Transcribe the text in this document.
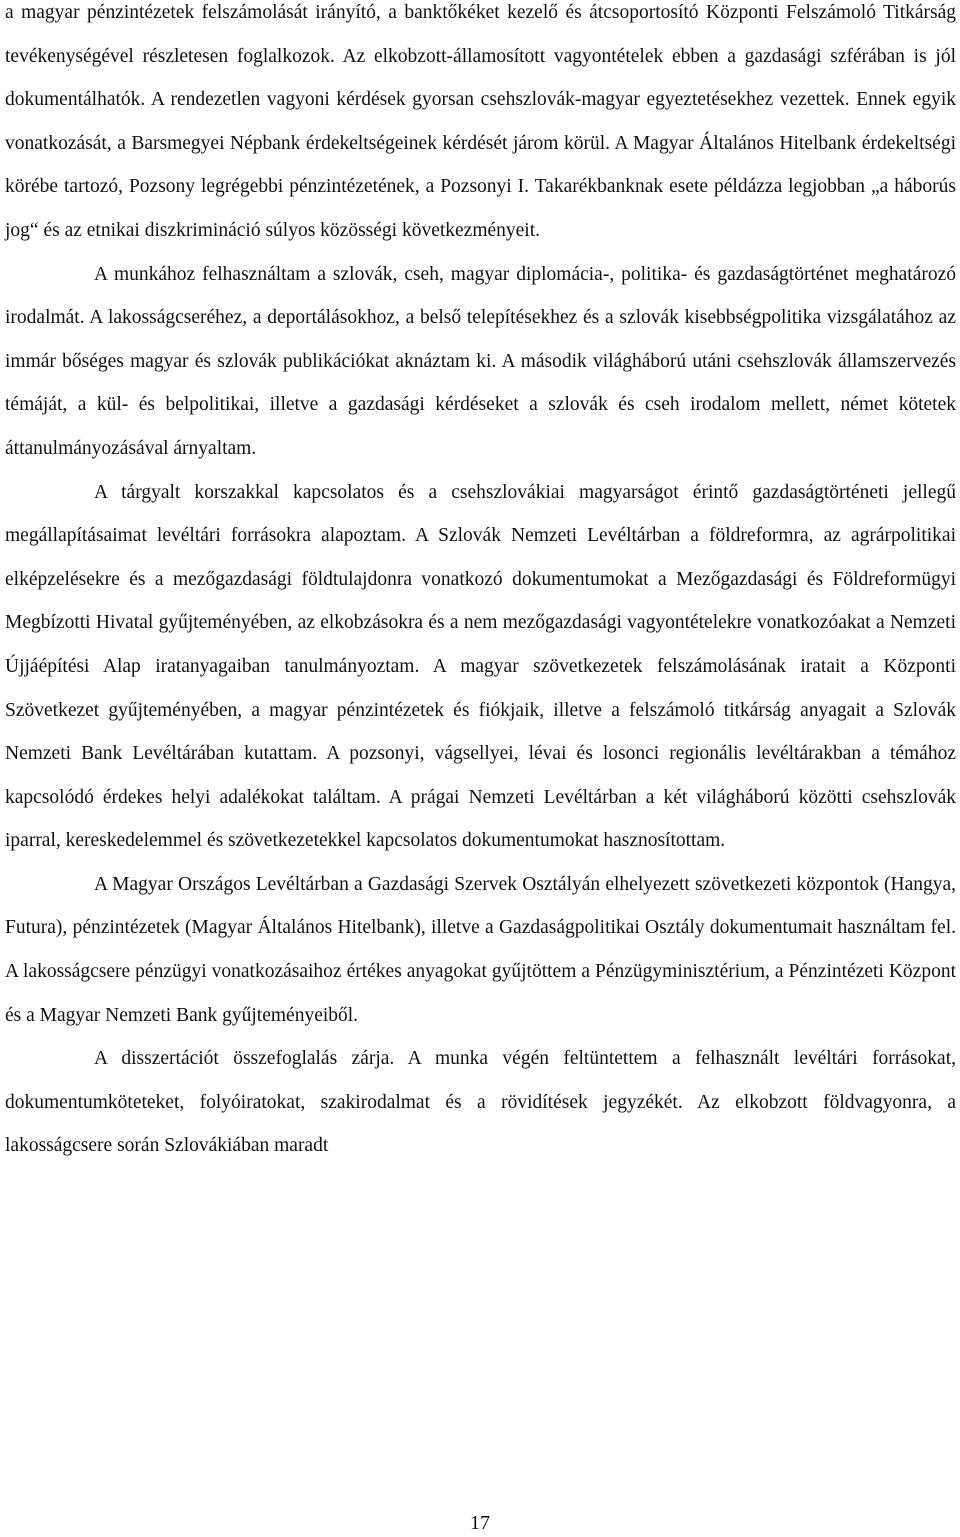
a magyar pénzintézetek felszámolását irányító, a banktőkéket kezelő és átcsoportosító Központi Felszámoló Titkárság tevékenységével részletesen foglalkozok. Az elkobzott-államosított vagyontételek ebben a gazdasági szférában is jól dokumentálhatók. A rendezetlen vagyoni kérdések gyorsan csehszlovák-magyar egyeztetésekhez vezettek. Ennek egyik vonatkozását, a Barsmegyei Népbank érdekeltségeinek kérdését járom körül. A Magyar Általános Hitelbank érdekeltségi körébe tartozó, Pozsony legrégebbi pénzintézetének, a Pozsonyi I. Takarékbanknak esete példázza legjobban „a háborús jog“ és az etnikai diszkrimináció súlyos közösségi következményeit.

A munkához felhasználtam a szlovák, cseh, magyar diplomácia-, politika- és gazdaságtörténet meghatározó irodalmát. A lakosságcseréhez, a deportálásokhoz, a belső telepítésekhez és a szlovák kisebbségpolitika vizsgálatához az immár bőséges magyar és szlovák publikációkat aknáztam ki. A második világháború utáni csehszlovák államszervezés témáját, a kül- és belpolitikai, illetve a gazdasági kérdéseket a szlovák és cseh irodalom mellett, német kötetek áttanulmányozásával árnyaltam.

A tárgyalt korszakkal kapcsolatos és a csehszlovákiai magyarságot érintő gazdaságtörténeti jellegű megállapításaimat levéltári forrásokra alapoztam. A Szlovák Nemzeti Levéltárban a földreformra, az agrárpolitikai elképzelésekre és a mezőgazdasági földtulajdonra vonatkozó dokumentumokat a Mezőgazdasági és Földreformügyi Megbízotti Hivatal gyűjteményében, az elkobzásokra és a nem mezőgazdasági vagyontételekre vonatkozóakat a Nemzeti Újjáépítési Alap iratanyagaiban tanulmányoztam. A magyar szövetkezetek felszámolásának iratait a Központi Szövetkezet gyűjteményében, a magyar pénzintézetek és fiókjaik, illetve a felszámoló titkárság anyagait a Szlovák Nemzeti Bank Levéltárában kutattam. A pozsonyi, vágsellyei, lévai és losonci regionális levéltárakban a témához kapcsolódó érdekes helyi adalékokat találtam. A prágai Nemzeti Levéltárban a két világháború közötti csehszlovák iparral, kereskedelemmel és szövetkezetekkel kapcsolatos dokumentumokat hasznosítottam.

A Magyar Országos Levéltárban a Gazdasági Szervek Osztályán elhelyezett szövetkezeti központok (Hangya, Futura), pénzintézetek (Magyar Általános Hitelbank), illetve a Gazdaságpolitikai Osztály dokumentumait használtam fel. A lakosságcsere pénzügyi vonatkozásaihoz értékes anyagokat gyűjtöttem a Pénzügyminisztérium, a Pénzintézeti Központ és a Magyar Nemzeti Bank gyűjteményeiből.

A disszertációt összefoglalás zárja. A munka végén feltüntettem a felhasznált levéltári forrásokat, dokumentumköteteket, folyóiratokat, szakirodalmat és a rövidítések jegyzékét. Az elkobzott földvagyonra, a lakosságcsere során Szlovákiában maradt

17
